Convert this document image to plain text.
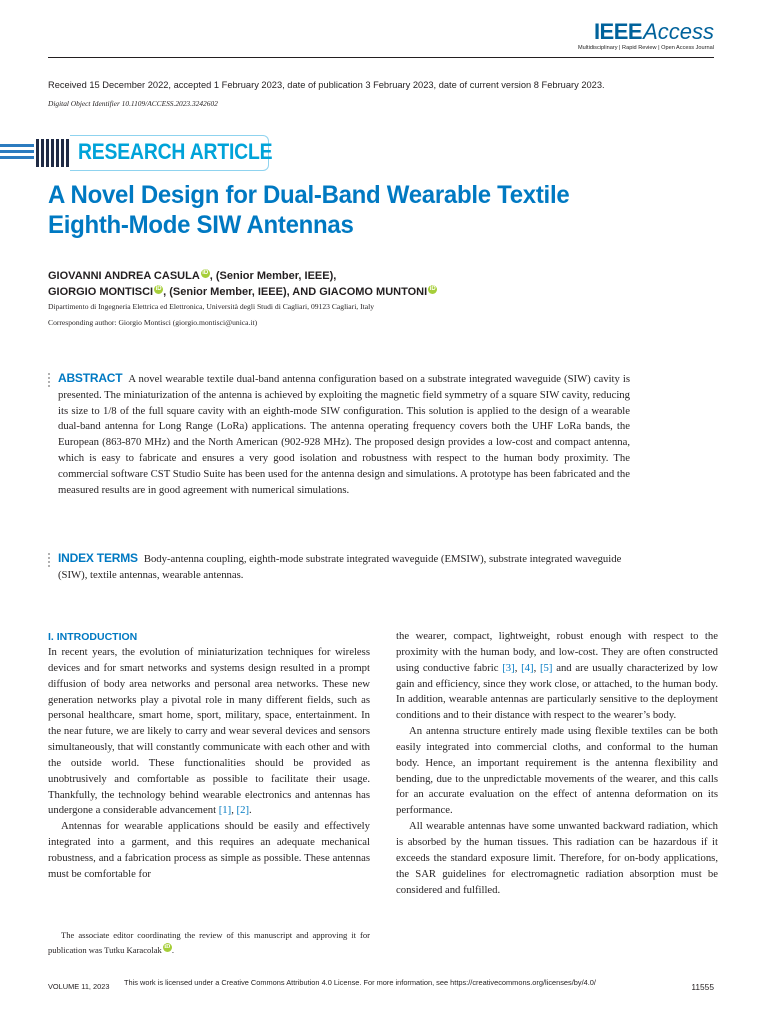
IEEEAccess
Multidisciplinary | Rapid Review | Open Access Journal
Received 15 December 2022, accepted 1 February 2023, date of publication 3 February 2023, date of current version 8 February 2023.
Digital Object Identifier 10.1109/ACCESS.2023.3242602
RESEARCH ARTICLE
A Novel Design for Dual-Band Wearable Textile
Eighth-Mode SIW Antennas
GIOVANNI ANDREA CASULA iD , (Senior Member, IEEE),
GIORGIO MONTISCI iD , (Senior Member, IEEE), AND GIACOMO MUNTONI iD
Dipartimento di Ingegneria Elettrica ed Elettronica, Università degli Studi di Cagliari, 09123 Cagliari, Italy
Corresponding author: Giorgio Montisci (giorgio.montisci@unica.it)
ABSTRACT A novel wearable textile dual-band antenna configuration based on a substrate integrated waveguide (SIW) cavity is presented. The miniaturization of the antenna is achieved by exploiting the magnetic field symmetry of a square SIW cavity, reducing its size to 1/8 of the full square cavity with an eighth-mode SIW configuration. This solution is applied to the design of a wearable dual-band antenna for Long Range (LoRa) applications. The antenna operating frequency covers both the UHF LoRa bands, the European (863-870 MHz) and the North American (902-928 MHz). The proposed design provides a low-cost and compact antenna, which is easy to fabricate and ensures a very good isolation and robustness with respect to the human body proximity. The commercial software CST Studio Suite has been used for the antenna design and simulations. A prototype has been fabricated and the measured results are in good agreement with numerical simulations.
INDEX TERMS Body-antenna coupling, eighth-mode substrate integrated waveguide (EMSIW), substrate integrated waveguide (SIW), textile antennas, wearable antennas.
I. INTRODUCTION

In recent years, the evolution of miniaturization techniques for wireless devices and for smart networks and systems design resulted in a prompt diffusion of body area networks and personal area networks. These new generation networks play a pivotal role in many different fields, such as personal healthcare, smart home, sport, military, space, entertainment. In the near future, we are likely to carry and wear several devices and sensors simultaneously, that will constantly communicate with each other and with the outside world. These functionalities should be provided as unobtrusively and comfortable as possible to facilitate their usage. Thankfully, the technology behind wearable electronics and antennas has undergone a considerable advancement [1], [2].

Antennas for wearable applications should be easily and effectively integrated into a garment, and this requires an adequate mechanical robustness, and a fabrication process as simple as possible. These antennas must be comfortable for

The associate editor coordinating the review of this manuscript and approving it for publication was Tutku Karacolak iD .

the wearer, compact, lightweight, robust enough with respect to the proximity with the human body, and low-cost. They are often constructed using conductive fabric [3], [4], [5] and are usually characterized by low gain and efficiency, since they work close, or attached, to the human body. In addition, wearable antennas are particularly sensitive to the deployment conditions and to their distance with respect to the wearer’s body.

An antenna structure entirely made using flexible textiles can be both easily integrated into commercial cloths, and conformal to the human body. Hence, an important requirement is the antenna flexibility and bending, due to the unpredictable movements of the wearer, and this calls for an accurate evaluation on the effect of antenna deformation on its performance.

All wearable antennas have some unwanted backward radiation, which is absorbed by the human tissues. This radiation can be hazardous if it exceeds the standard exposure limit. Therefore, for on-body applications, the SAR guidelines for electromagnetic radiation absorption must be considered and fulfilled.

VOLUME 11, 2023 This work is licensed under a Creative Commons Attribution 4.0 License. For more information, see https://creativecommons.org/licenses/by/4.0/	11555
